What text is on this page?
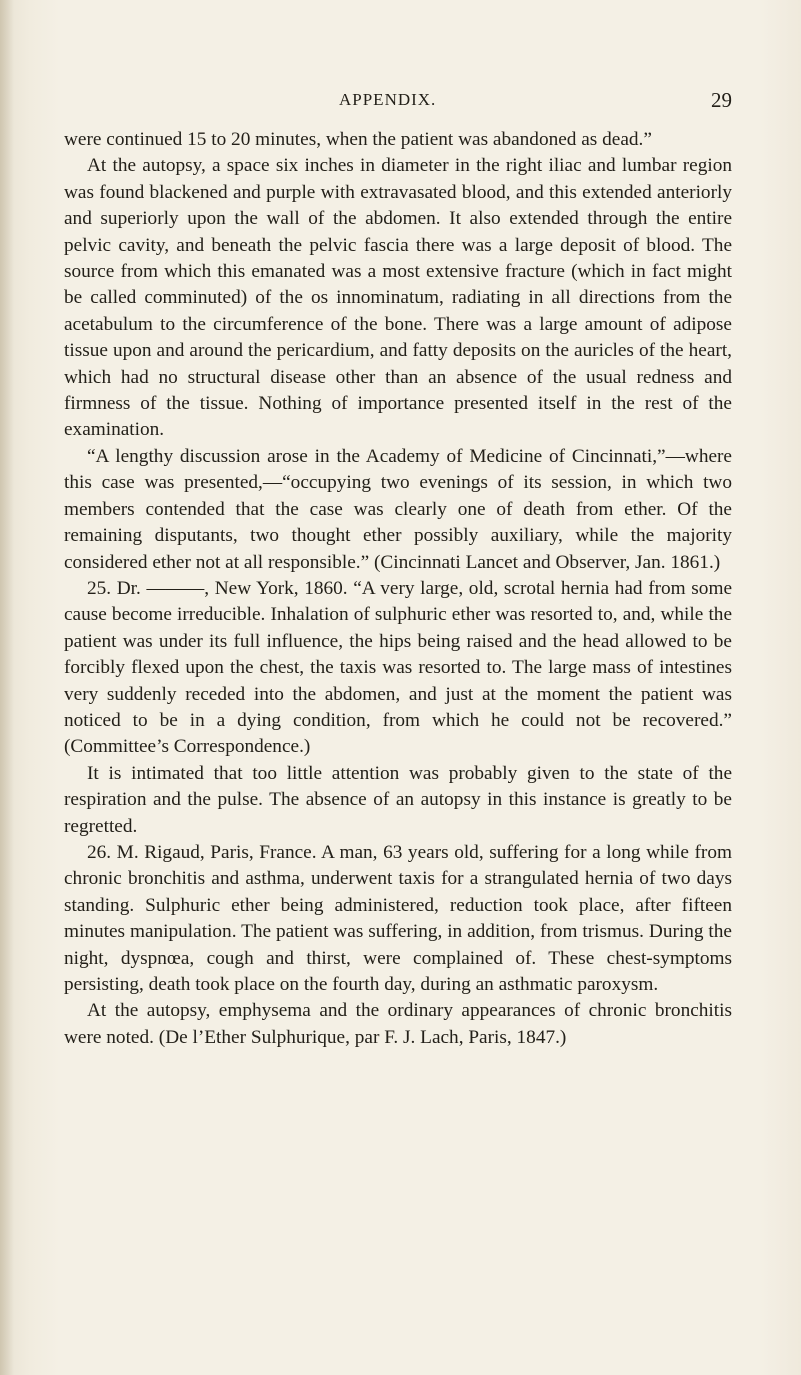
APPENDIX.	29

were continued 15 to 20 minutes, when the patient was abandoned as dead.”

At the autopsy, a space six inches in diameter in the right iliac and lumbar region was found blackened and purple with extravasated blood, and this extended anteriorly and superiorly upon the wall of the abdomen. It also extended through the entire pelvic cavity, and beneath the pelvic fascia there was a large deposit of blood. The source from which this emanated was a most extensive fracture (which in fact might be called comminuted) of the os innominatum, radiating in all directions from the acetabulum to the circumference of the bone. There was a large amount of adipose tissue upon and around the pericardium, and fatty deposits on the auricles of the heart, which had no structural disease other than an absence of the usual redness and firmness of the tissue. Nothing of importance presented itself in the rest of the examination.

“A lengthy discussion arose in the Academy of Medicine of Cincinnati,”—where this case was presented,—“occupying two evenings of its session, in which two members contended that the case was clearly one of death from ether. Of the remaining disputants, two thought ether possibly auxiliary, while the majority considered ether not at all responsible.” (Cincinnati Lancet and Observer, Jan. 1861.)

25. Dr. ———, New York, 1860. “A very large, old, scrotal hernia had from some cause become irreducible. Inhalation of sulphuric ether was resorted to, and, while the patient was under its full influence, the hips being raised and the head allowed to be forcibly flexed upon the chest, the taxis was resorted to. The large mass of intestines very suddenly receded into the abdomen, and just at the moment the patient was noticed to be in a dying condition, from which he could not be recovered.” (Committee’s Correspondence.)

It is intimated that too little attention was probably given to the state of the respiration and the pulse. The absence of an autopsy in this instance is greatly to be regretted.

26. M. Rigaud, Paris, France. A man, 63 years old, suffering for a long while from chronic bronchitis and asthma, underwent taxis for a strangulated hernia of two days standing. Sulphuric ether being administered, reduction took place, after fifteen minutes manipulation. The patient was suffering, in addition, from trismus. During the night, dyspnœa, cough and thirst, were complained of. These chest-symptoms persisting, death took place on the fourth day, during an asthmatic paroxysm.

At the autopsy, emphysema and the ordinary appearances of chronic bronchitis were noted. (De l’Ether Sulphurique, par F. J. Lach, Paris, 1847.)
